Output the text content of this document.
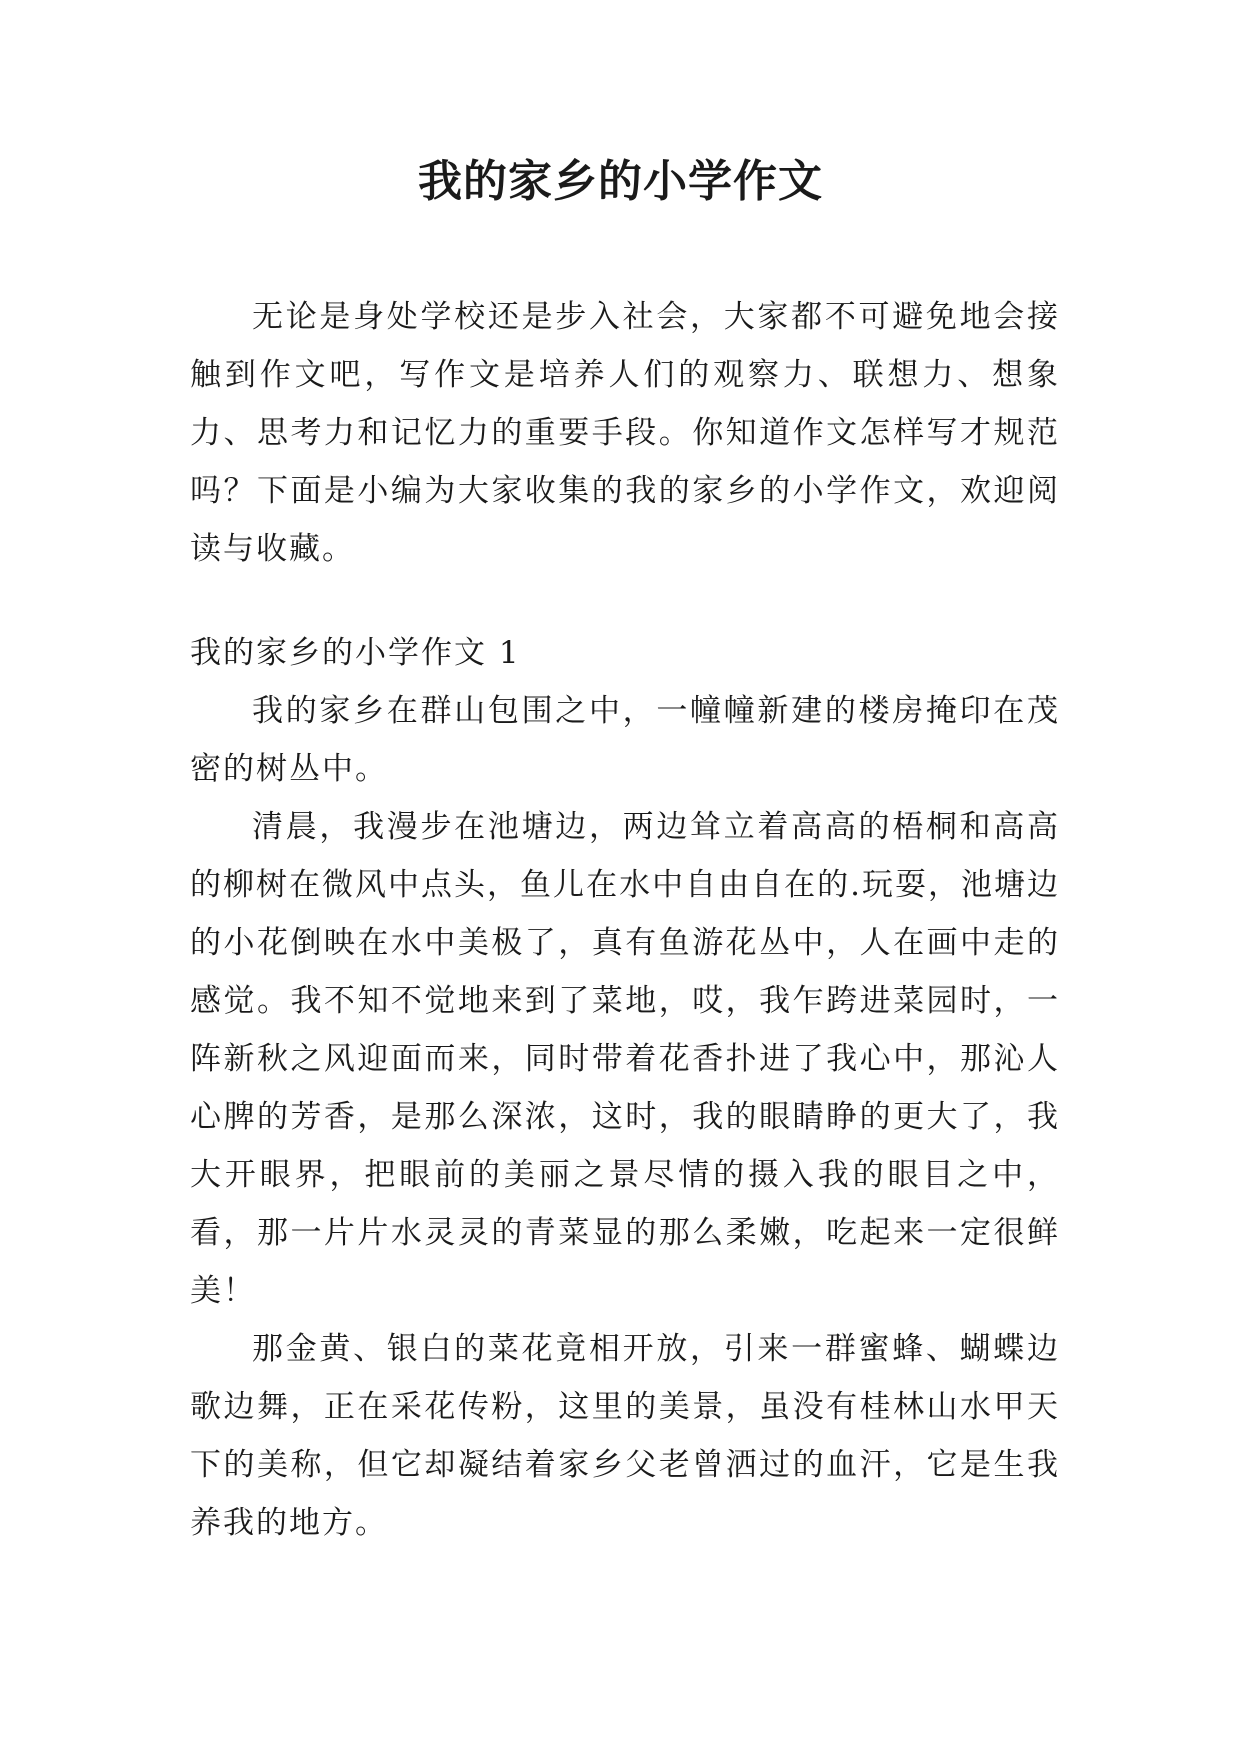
我的家乡的小学作文

无论是身处学校还是步入社会，大家都不可避免地会接触到作文吧，写作文是培养人们的观察力、联想力、想象力、思考力和记忆力的重要手段。你知道作文怎样写才规范吗？下面是小编为大家收集的我的家乡的小学作文，欢迎阅读与收藏。

我的家乡的小学作文 1

我的家乡在群山包围之中，一幢幢新建的楼房掩印在茂密的树丛中。

清晨，我漫步在池塘边，两边耸立着高高的梧桐和高高的柳树在微风中点头，鱼儿在水中自由自在的.玩耍，池塘边的小花倒映在水中美极了，真有鱼游花丛中，人在画中走的感觉。我不知不觉地来到了菜地，哎，我乍跨进菜园时，一阵新秋之风迎面而来，同时带着花香扑进了我心中，那沁人心脾的芳香，是那么深浓，这时，我的眼睛睁的更大了，我大开眼界，把眼前的美丽之景尽情的摄入我的眼目之中，看，那一片片水灵灵的青菜显的那么柔嫩，吃起来一定很鲜美！

那金黄、银白的菜花竟相开放，引来一群蜜蜂、蝴蝶边歌边舞，正在采花传粉，这里的美景，虽没有桂林山水甲天下的美称，但它却凝结着家乡父老曾洒过的血汗，它是生我养我的地方。
